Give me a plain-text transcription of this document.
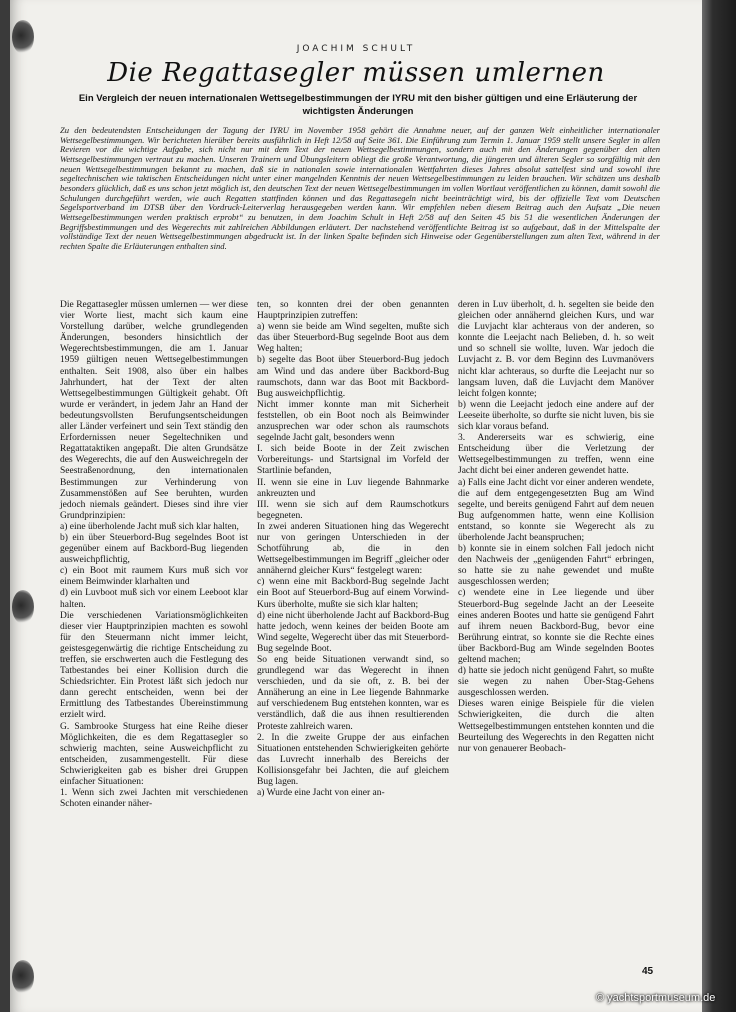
JOACHIM SCHULT
Die Regattasegler müssen umlernen
Ein Vergleich der neuen internationalen Wettsegelbestimmungen der IYRU mit den bisher gültigen und eine Erläuterung der wichtigsten Änderungen
Zu den bedeutendsten Entscheidungen der Tagung der IYRU im November 1958 gehört die Annahme neuer, auf der ganzen Welt einheitlicher internationaler Wettsegelbestimmungen. Wir berichteten hierüber bereits ausführlich in Heft 12/58 auf Seite 361. Die Einführung zum Termin 1. Januar 1959 stellt unsere Segler in allen Revieren vor die wichtige Aufgabe, sich nicht nur mit dem Text der neuen Wettsegelbestimmungen, sondern auch mit den Änderungen gegenüber den alten Wettsegelbestimmungen vertraut zu machen. Unseren Trainern und Übungsleitern obliegt die große Verantwortung, die jüngeren und älteren Segler so sorgfältig mit den neuen Wettsegelbestimmungen bekannt zu machen, daß sie in nationalen sowie internationalen Wettfahrten dieses Jahres absolut sattelfest sind und sowohl ihre segeltechnischen wie taktischen Entscheidungen nicht unter einer mangelnden Kenntnis der neuen Wettsegelbestimmungen zu leiden brauchen. Wir schätzen uns deshalb besonders glücklich, daß es uns schon jetzt möglich ist, den deutschen Text der neuen Wettsegelbestimmungen im vollen Wortlaut veröffentlichen zu können, damit sowohl die Schulungen durchgeführt werden, wie auch Regatten stattfinden können und das Regattasegeln nicht beeinträchtigt wird, bis der offizielle Text vom Deutschen Segelsportverband im DTSB über den Vordruck-Leiterverlag herausgegeben werden kann. Wir empfehlen neben diesem Beitrag auch den Aufsatz „Die neuen Wettsegelbestimmungen werden praktisch erprobt“ zu benutzen, in dem Joachim Schult in Heft 2/58 auf den Seiten 45 bis 51 die wesentlichen Änderungen der Begriffsbestimmungen und des Wegerechts mit zahlreichen Abbildungen erläutert. Der nachstehend veröffentlichte Beitrag ist so aufgebaut, daß in der Mittelspalte der vollständige Text der neuen Wettsegelbestimmungen abgedruckt ist. In der linken Spalte befinden sich Hinweise oder Gegenüberstellungen zum alten Text, während in der rechten Spalte die Erläuterungen enthalten sind.

Die Regattasegler müssen umlernen — wer diese vier Worte liest, macht sich kaum eine Vorstellung darüber, welche grundlegenden Änderungen, besonders hinsichtlich der Wegerechtsbestimmungen, die am 1. Januar 1959 gültigen neuen Wettsegelbestimmungen enthalten. Seit 1908, also über ein halbes Jahrhundert, hat der Text der alten Wettsegelbestimmungen Gültigkeit gehabt. Oft wurde er verändert, in jedem Jahr an Hand der bedeutungsvollsten Berufungsentscheidungen aller Länder verfeinert und sein Text ständig den Erfordernissen neuer Segeltechniken und Regattataktiken angepaßt. Die alten Grundsätze des Wegerechts, die auf den Ausweichregeln der Seestraßenordnung, den internationalen Bestimmungen zur Verhinderung von Zusammenstößen auf See beruhten, wurden jedoch niemals geändert. Dieses sind ihre vier Grundprinzipien:

a) eine überholende Jacht muß sich klar halten,

b) ein über Steuerbord-Bug segelndes Boot ist gegenüber einem auf Backbord-Bug liegenden ausweichpflichtig,

c) ein Boot mit raumem Kurs muß sich vor einem Beimwinder klarhalten und

d) ein Luvboot muß sich vor einem Leeboot klar halten.

Die verschiedenen Variationsmöglichkeiten dieser vier Hauptprinzipien machten es sowohl für den Steuermann nicht immer leicht, geistesgegenwärtig die richtige Entscheidung zu treffen, sie erschwerten auch die Festlegung des Tatbestandes bei einer Kollision durch die Schiedsrichter. Ein Protest läßt sich jedoch nur dann gerecht entscheiden, wenn bei der Ermittlung des Tatbestandes Übereinstimmung erzielt wird.

G. Sambrooke Sturgess hat eine Reihe dieser Möglichkeiten, die es dem Regattasegler so schwierig machten, seine Ausweichpflicht zu entscheiden, zusammengestellt. Für diese Schwierigkeiten gab es bisher drei Gruppen einfacher Situationen:

1. Wenn sich zwei Jachten mit verschiedenen Schoten einander näher-

ten, so konnten drei der oben genannten Hauptprinzipien zutreffen:

a) wenn sie beide am Wind segelten, mußte sich das über Steuerbord-Bug segelnde Boot aus dem Weg halten;

b) segelte das Boot über Steuerbord-Bug jedoch am Wind und das andere über Backbord-Bug raumschots, dann war das Boot mit Backbord-Bug ausweichpflichtig.

Nicht immer konnte man mit Sicherheit feststellen, ob ein Boot noch als Beimwinder anzusprechen war oder schon als raumschots segelnde Jacht galt, besonders wenn

I. sich beide Boote in der Zeit zwischen Vorbereitungs- und Startsignal im Vorfeld der Startlinie befanden,

II. wenn sie eine in Luv liegende Bahnmarke ankreuzten und

III. wenn sie sich auf dem Raumschotkurs begegneten.

In zwei anderen Situationen hing das Wegerecht nur von geringen Unterschieden in der Schotführung ab, die in den Wettsegelbestimmungen im Begriff „gleicher oder annähernd gleicher Kurs“ festgelegt waren:

c) wenn eine mit Backbord-Bug segelnde Jacht ein Boot auf Steuerbord-Bug auf einem Vorwind-Kurs überholte, mußte sie sich klar halten;

d) eine nicht überholende Jacht auf Backbord-Bug hatte jedoch, wenn keines der beiden Boote am Wind segelte, Wegerecht über das mit Steuerbord-Bug segelnde Boot.

So eng beide Situationen verwandt sind, so grundlegend war das Wegerecht in ihnen verschieden, und da sie oft, z. B. bei der Annäherung an eine in Lee liegende Bahnmarke auf verschiedenem Bug entstehen konnten, war es verständlich, daß die aus ihnen resultierenden Proteste zahlreich waren.

2. In die zweite Gruppe der aus einfachen Situationen entstehenden Schwierigkeiten gehörte das Luvrecht innerhalb des Bereichs der Kollisionsgefahr bei Jachten, die auf gleichem Bug lagen.

a) Wurde eine Jacht von einer an-

deren in Luv überholt, d. h. segelten sie beide den gleichen oder annähernd gleichen Kurs, und war die Luvjacht klar achteraus von der anderen, so konnte die Leejacht nach Belieben, d. h. so weit und so schnell sie wollte, luven. War jedoch die Luvjacht z. B. vor dem Beginn des Luvmanövers nicht klar achteraus, so durfte die Leejacht nur so langsam luven, daß die Luvjacht dem Manöver leicht folgen konnte;

b) wenn die Leejacht jedoch eine andere auf der Leeseite überholte, so durfte sie nicht luven, bis sie sich klar voraus befand.

3. Andererseits war es schwierig, eine Entscheidung über die Verletzung der Wettsegelbestimmungen zu treffen, wenn eine Jacht dicht bei einer anderen gewendet hatte.

a) Falls eine Jacht dicht vor einer anderen wendete, die auf dem entgegengesetzten Bug am Wind segelte, und bereits genügend Fahrt auf dem neuen Bug aufgenommen hatte, wenn eine Kollision entstand, so konnte sie Wegerecht als zu überholende Jacht beanspruchen;

b) konnte sie in einem solchen Fall jedoch nicht den Nachweis der „genügenden Fahrt“ erbringen, so hatte sie zu nahe gewendet und mußte ausgeschlossen werden;

c) wendete eine in Lee liegende und über Steuerbord-Bug segelnde Jacht an der Leeseite eines anderen Bootes und hatte sie genügend Fahrt auf ihrem neuen Backbord-Bug, bevor eine Berührung eintrat, so konnte sie die Rechte eines über Backbord-Bug am Winde segelnden Bootes geltend machen;

d) hatte sie jedoch nicht genügend Fahrt, so mußte sie wegen zu nahen Über-Stag-Gehens ausgeschlossen werden.

Dieses waren einige Beispiele für die vielen Schwierigkeiten, die durch die alten Wettsegelbestimmungen entstehen konnten und die Beurteilung des Wegerechts in den Regatten nicht nur von genauerer Beobach-

45
© yachtsportmuseum.de
